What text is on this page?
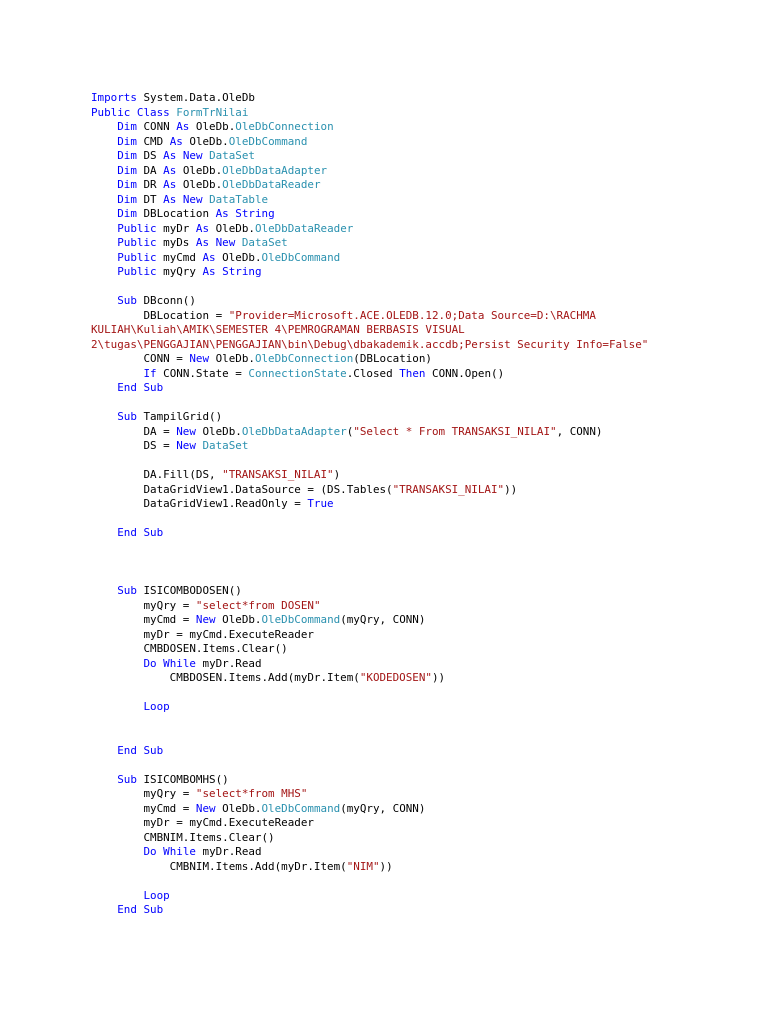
Imports System.Data.OleDb
Public Class FormTrNilai
Dim CONN As OleDb.OleDbConnection
Dim CMD As OleDb.OleDbCommand
Dim DS As New DataSet
Dim DA As OleDb.OleDbDataAdapter
Dim DR As OleDb.OleDbDataReader
Dim DT As New DataTable
Dim DBLocation As String
Public myDr As OleDb.OleDbDataReader
Public myDs As New DataSet
Public myCmd As OleDb.OleDbCommand
Public myQry As String

Sub DBconn()
DBLocation = "Provider=Microsoft.ACE.OLEDB.12.0;Data Source=D:\RACHMA
KULIAH\Kuliah\AMIK\SEMESTER 4\PEMROGRAMAN BERBASIS VISUAL
2\tugas\PENGGAJIAN\PENGGAJIAN\bin\Debug\dbakademik.accdb;Persist Security Info=False"
CONN = New OleDb.OleDbConnection(DBLocation)
If CONN.State = ConnectionState.Closed Then CONN.Open()
End Sub

Sub TampilGrid()
DA = New OleDb.OleDbDataAdapter("Select * From TRANSAKSI_NILAI", CONN)
DS = New DataSet

DA.Fill(DS, "TRANSAKSI_NILAI")
DataGridView1.DataSource = (DS.Tables("TRANSAKSI_NILAI"))
DataGridView1.ReadOnly = True

End Sub

Sub ISICOMBODOSEN()
myQry = "select*from DOSEN"
myCmd = New OleDb.OleDbCommand(myQry, CONN)
myDr = myCmd.ExecuteReader
CMBDOSEN.Items.Clear()
Do While myDr.Read
CMBDOSEN.Items.Add(myDr.Item("KODEDOSEN"))

Loop

End Sub

Sub ISICOMBOMHS()
myQry = "select*from MHS"
myCmd = New OleDb.OleDbCommand(myQry, CONN)
myDr = myCmd.ExecuteReader
CMBNIM.Items.Clear()
Do While myDr.Read
CMBNIM.Items.Add(myDr.Item("NIM"))

Loop
End Sub
